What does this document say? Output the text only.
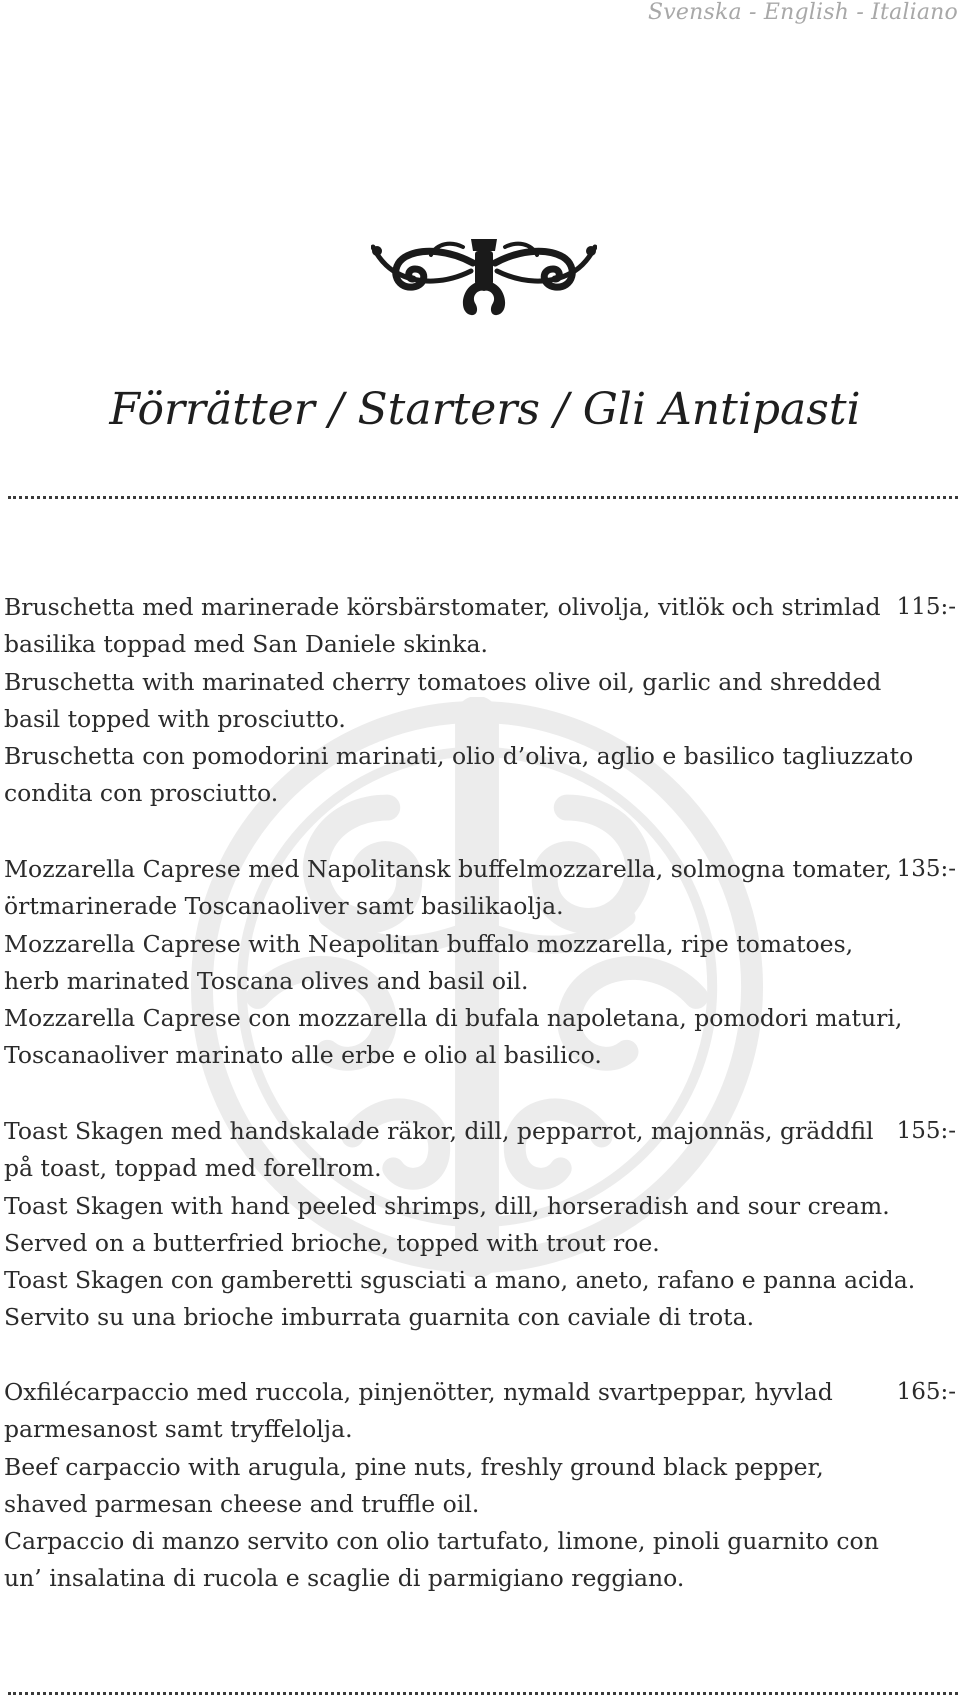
Svenska - English - Italiano
Förrätter / Starters / Gli Antipasti
Bruschetta med marinerade körsbärstomater, olivolja, vitlök och strimlad
basilika toppad med San Daniele skinka.
Bruschetta with marinated cherry tomatoes olive oil, garlic and shredded
basil topped with prosciutto.
Bruschetta con pomodorini marinati, olio d’oliva, aglio e basilico tagliuzzato
condita con prosciutto.
115:-
Mozzarella Caprese med Napolitansk buffelmozzarella, solmogna tomater,
örtmarinerade Toscanaoliver samt basilikaolja.
Mozzarella Caprese with Neapolitan buffalo mozzarella, ripe tomatoes,
herb marinated Toscana olives and basil oil.
Mozzarella Caprese con mozzarella di bufala napoletana, pomodori maturi,
Toscanaoliver marinato alle erbe e olio al basilico.
135:-
Toast Skagen med handskalade räkor, dill, pepparrot, majonnäs, gräddfil
på toast, toppad med forellrom.
Toast Skagen with hand peeled shrimps, dill, horseradish and sour cream.
Served on a butterfried brioche, topped with trout roe.
Toast Skagen con gamberetti sgusciati a mano, aneto, rafano e panna acida.
Servito su una brioche imburrata guarnita con caviale di trota.
155:-
Oxfilécarpaccio med ruccola, pinjenötter, nymald svartpeppar, hyvlad
parmesanost samt tryffelolja.
Beef carpaccio with arugula, pine nuts, freshly ground black pepper,
shaved parmesan cheese and truffle oil.
Carpaccio di manzo servito con olio tartufato, limone, pinoli guarnito con
un’ insalatina di rucola e scaglie di parmigiano reggiano.
165:-
